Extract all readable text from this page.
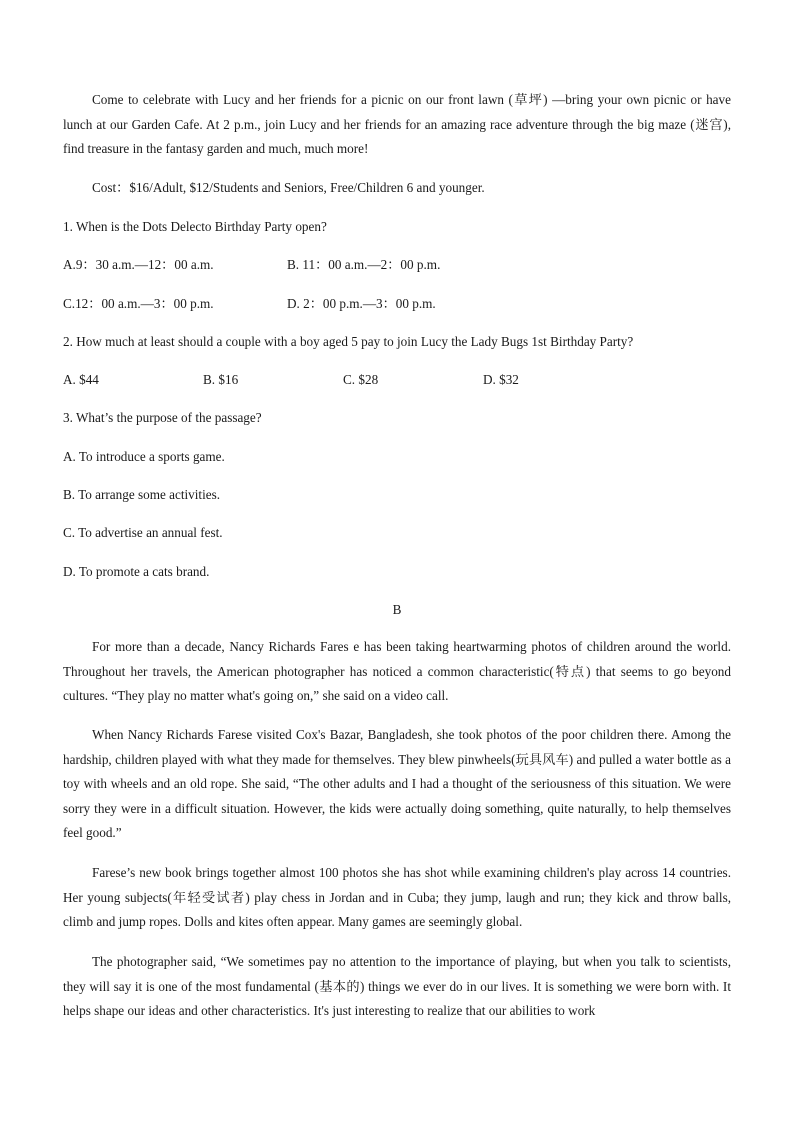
Come to celebrate with Lucy and her friends for a picnic on our front lawn (草坪) —bring your own picnic or have lunch at our Garden Cafe. At 2 p.m., join Lucy and her friends for an amazing race adventure through the big maze (迷宫), find treasure in the fantasy garden and much, much more!

Cost：$16/Adult, $12/Students and Seniors, Free/Children 6 and younger.

1. When is the Dots Delecto Birthday Party open?

A.9：30 a.m.—12：00 a.m.	B. 11：00 a.m.—2：00 p.m.
C.12：00 a.m.—3：00 p.m.	D. 2：00 p.m.—3：00 p.m.

2. How much at least should a couple with a boy aged 5 pay to join Lucy the Lady Bugs 1st Birthday Party?

A. $44	B. $16	C. $28	D. $32

3. What’s the purpose of the passage?

A. To introduce a sports game.
B. To arrange some activities.
C. To advertise an annual fest.
D. To promote a cats brand.
B

For more than a decade, Nancy Richards Fares e has been taking heartwarming photos of children around the world. Throughout her travels, the American photographer has noticed a common characteristic(特点) that seems to go beyond cultures. “They play no matter what's going on,” she said on a video call.

When Nancy Richards Farese visited Cox's Bazar, Bangladesh, she took photos of the poor children there. Among the hardship, children played with what they made for themselves. They blew pinwheels(玩具风车) and pulled a water bottle as a toy with wheels and an old rope. She said, “The other adults and I had a thought of the seriousness of this situation. We were sorry they were in a difficult situation. However, the kids were actually doing something, quite naturally, to help themselves feel good.”

Farese’s new book brings together almost 100 photos she has shot while examining children's play across 14 countries. Her young subjects(年轻受试者) play chess in Jordan and in Cuba; they jump, laugh and run; they kick and throw balls, climb and jump ropes. Dolls and kites often appear. Many games are seemingly global.

The photographer said, “We sometimes pay no attention to the importance of playing, but when you talk to scientists, they will say it is one of the most fundamental (基本的) things we ever do in our lives. It is something we were born with. It helps shape our ideas and other characteristics. It's just interesting to realize that our abilities to work
